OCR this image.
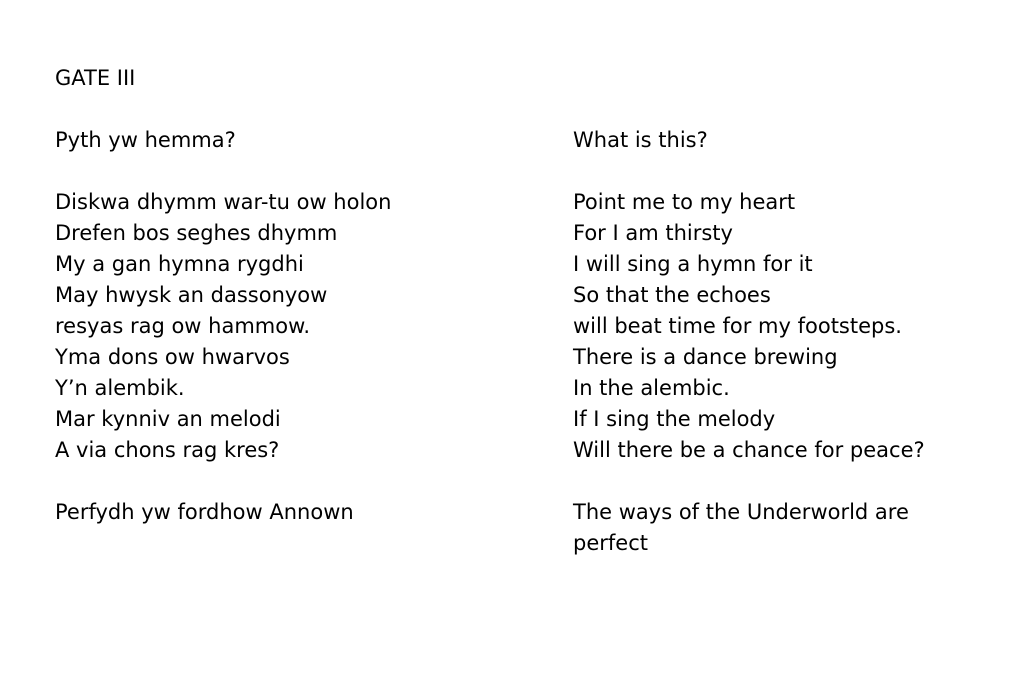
GATE III
Pyth yw hemma?
Diskwa dhymm war-tu ow holon
Drefen bos seghes dhymm
My a gan hymna rygdhi
May hwysk an dassonyow
resyas rag ow hammow.
Yma dons ow hwarvos
Y’n alembik.
Mar kynniv an melodi
A via chons rag kres?
Perfydh yw fordhow Annown
What is this?
Point me to my heart
For I am thirsty
I will sing a hymn for it
So that the echoes
will beat time for my footsteps.
There is a dance brewing
In the alembic.
If I sing the melody
Will there be a chance for peace?
The ways of the Underworld are perfect
